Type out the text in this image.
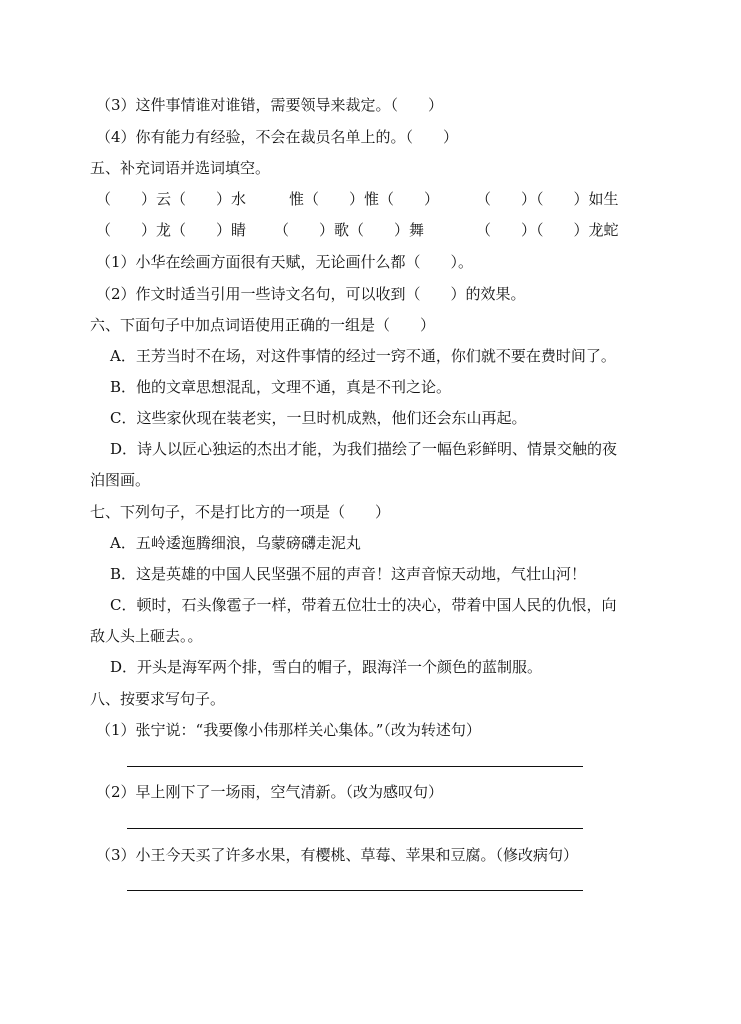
（3）这件事情谁对谁错，需要领导来裁定。（　　）
（4）你有能力有经验，不会在裁员名单上的。（　　）
五、补充词语并选词填空。
（　　）云（　　）水	惟（　　）惟（　　） （　　）（　　）如生
（　　）龙（　　）睛 （　　）歌（　　）舞	（　　）（　　）龙蛇
（1）小华在绘画方面很有天赋，无论画什么都（　　）。
（2）作文时适当引用一些诗文名句，可以收到（　　）的效果。
六、下面句子中加点词语使用正确的一组是（　　）
A．王芳当时不在场，对这件事情的经过一窍不通，你们就不要在费时间了。
B．他的文章思想混乱，文理不通，真是不刊之论。
C．这些家伙现在装老实，一旦时机成熟，他们还会东山再起。
D．诗人以匠心独运的杰出才能，为我们描绘了一幅色彩鲜明、情景交触的夜
泊图画。
七、下列句子，不是打比方的一项是（　　）
A．五岭逶迤腾细浪，乌蒙磅礴走泥丸
B．这是英雄的中国人民坚强不屈的声音！这声音惊天动地，气壮山河！
C．顿时，石头像雹子一样，带着五位壮士的决心，带着中国人民的仇恨，向
敌人头上砸去。。
D．开头是海军两个排，雪白的帽子，跟海洋一个颜色的蓝制服。
八、按要求写句子。
（1）张宁说：“我要像小伟那样关心集体。”（改为转述句）
（2）早上刚下了一场雨，空气清新。（改为感叹句）
（3）小王今天买了许多水果，有樱桃、草莓、苹果和豆腐。（修改病句）
